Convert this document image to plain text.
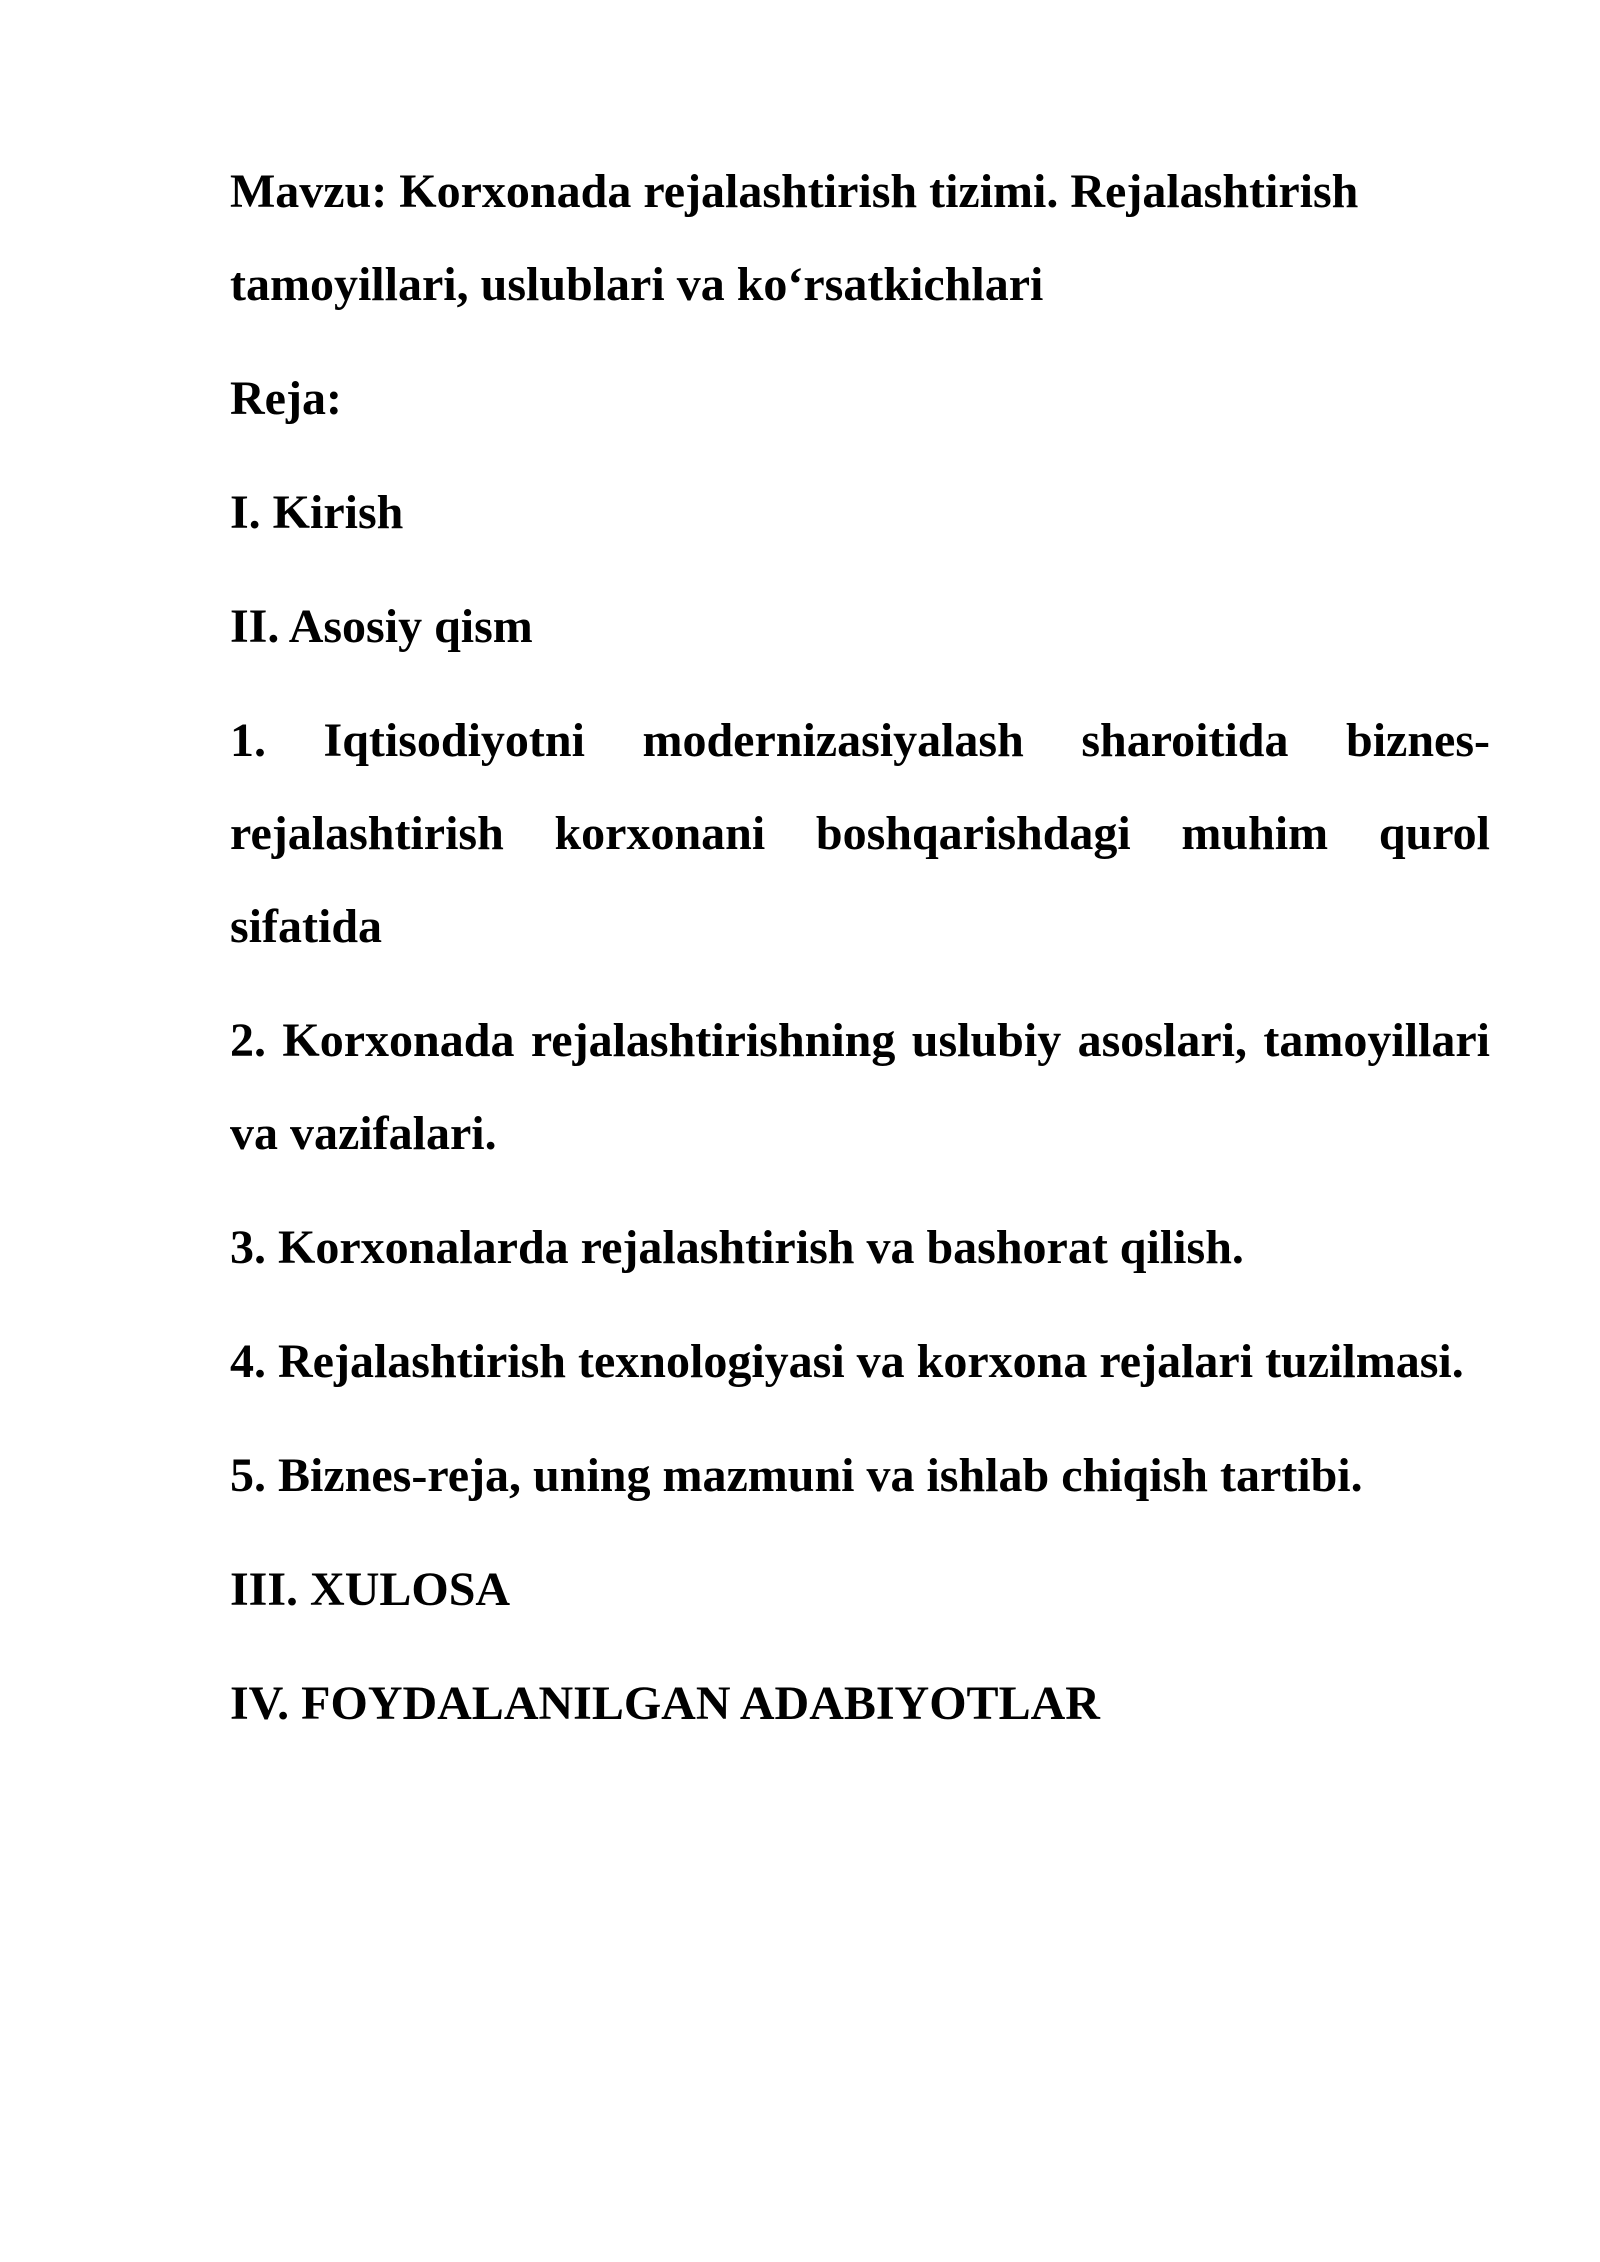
Mavzu: Korxonada rejalashtirish tizimi. Rejalashtirish tamoyillari, uslublari va ko‘rsatkichlari

Reja:

I. Kirish

II. Asosiy qism

1. Iqtisodiyotni modernizasiyalash sharoitida biznes-rejalashtirish korxonani boshqarishdagi muhim qurol sifatida

2. Korxonada rejalashtirishning uslubiy asoslari, tamoyillari va vazifalari.

3. Korxonalarda rejalashtirish va bashorat qilish.

4. Rejalashtirish texnologiyasi va korxona rejalari tuzilmasi.

5. Biznes-reja, uning mazmuni va ishlab chiqish tartibi.

III. XULOSA

IV. FOYDALANILGAN ADABIYOTLAR
